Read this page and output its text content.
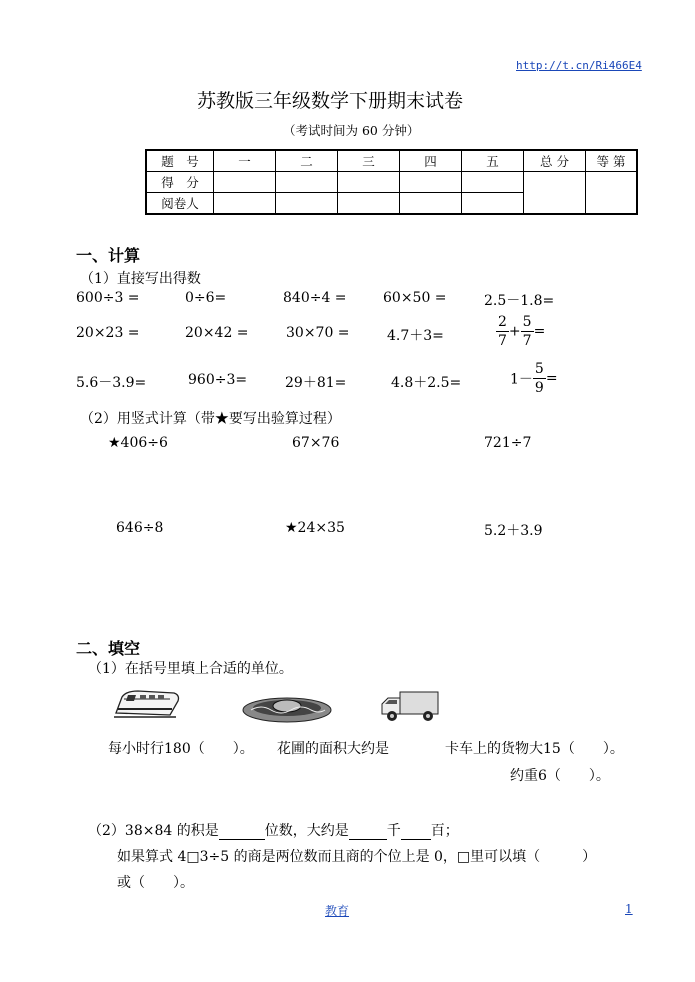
http://t.cn/Ri466E4
苏教版三年级数学下册期末试卷
（考试时间为 60 分钟）
题　号	一	二	三	四	五	总 分	等 第
得　分							
阅卷人							
一、计算
（1）直接写出得数
600÷3 =	0÷6=	840÷4 =	60×50 =	2.5－1.8=
20×23 =	20×42 =	30×70 =	4.7＋3=	$\frac{2}{7} + \frac{5}{7}$ =
5.6－3.9=	960÷3=	29＋81=	4.8＋2.5=	$1- \frac{5}{9}$ =
（2）用竖式计算（带★要写出验算过程）
★406÷6	67×76	721÷7
646÷8	★24×35	5.2＋3.9
二、填空
（1）在括号里填上合适的单位。
每小时行180（　　）。 花圃的面积大约是	卡车上的货物大15（　　）。
约重6（　　）。
（2）38×84 的积是	位数，大约是	千 百；
如果算式 4□3÷5 的商是两位数而且商的个位上是 0，□里可以填（　　　）
或（　　）。
教育	1
